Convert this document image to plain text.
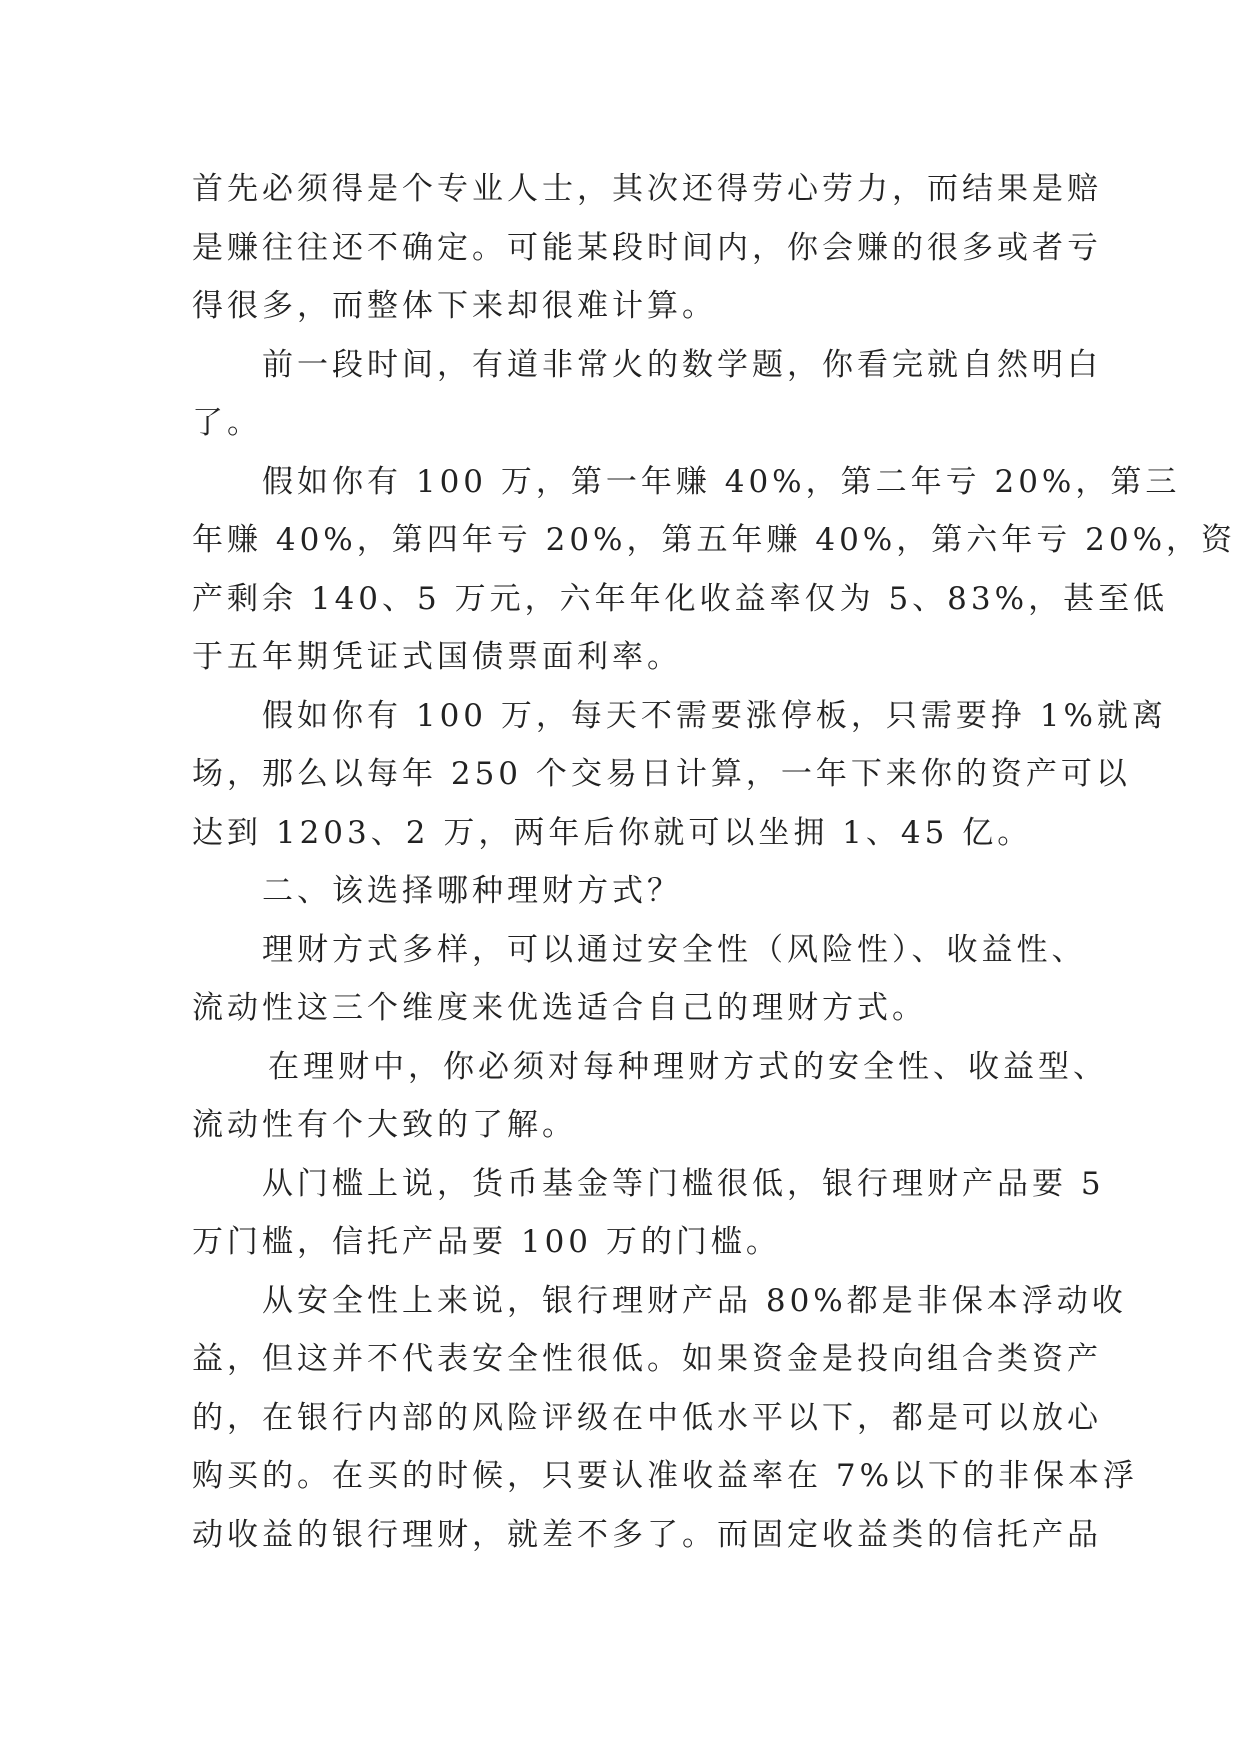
首先必须得是个专业人士，其次还得劳心劳力，而结果是赔
是赚往往还不确定。可能某段时间内，你会赚的很多或者亏
得很多，而整体下来却很难计算。
前一段时间，有道非常火的数学题，你看完就自然明白
了。
假如你有 100 万，第一年赚 40%，第二年亏 20%，第三
年赚 40%，第四年亏 20%，第五年赚 40%，第六年亏 20%，资
产剩余 140、5 万元，六年年化收益率仅为 5、83%，甚至低
于五年期凭证式国债票面利率。
假如你有 100 万，每天不需要涨停板，只需要挣 1%就离
场，那么以每年 250 个交易日计算，一年下来你的资产可以
达到 1203、2 万，两年后你就可以坐拥 1、45 亿。
二、该选择哪种理财方式？
理财方式多样，可以通过安全性（风险性）、收益性、
流动性这三个维度来优选适合自己的理财方式。
在理财中，你必须对每种理财方式的安全性、收益型、
流动性有个大致的了解。
从门槛上说，货币基金等门槛很低，银行理财产品要 5
万门槛，信托产品要 100 万的门槛。
从安全性上来说，银行理财产品 80%都是非保本浮动收
益，但这并不代表安全性很低。如果资金是投向组合类资产
的，在银行内部的风险评级在中低水平以下，都是可以放心
购买的。在买的时候，只要认准收益率在 7%以下的非保本浮
动收益的银行理财，就差不多了。而固定收益类的信托产品
